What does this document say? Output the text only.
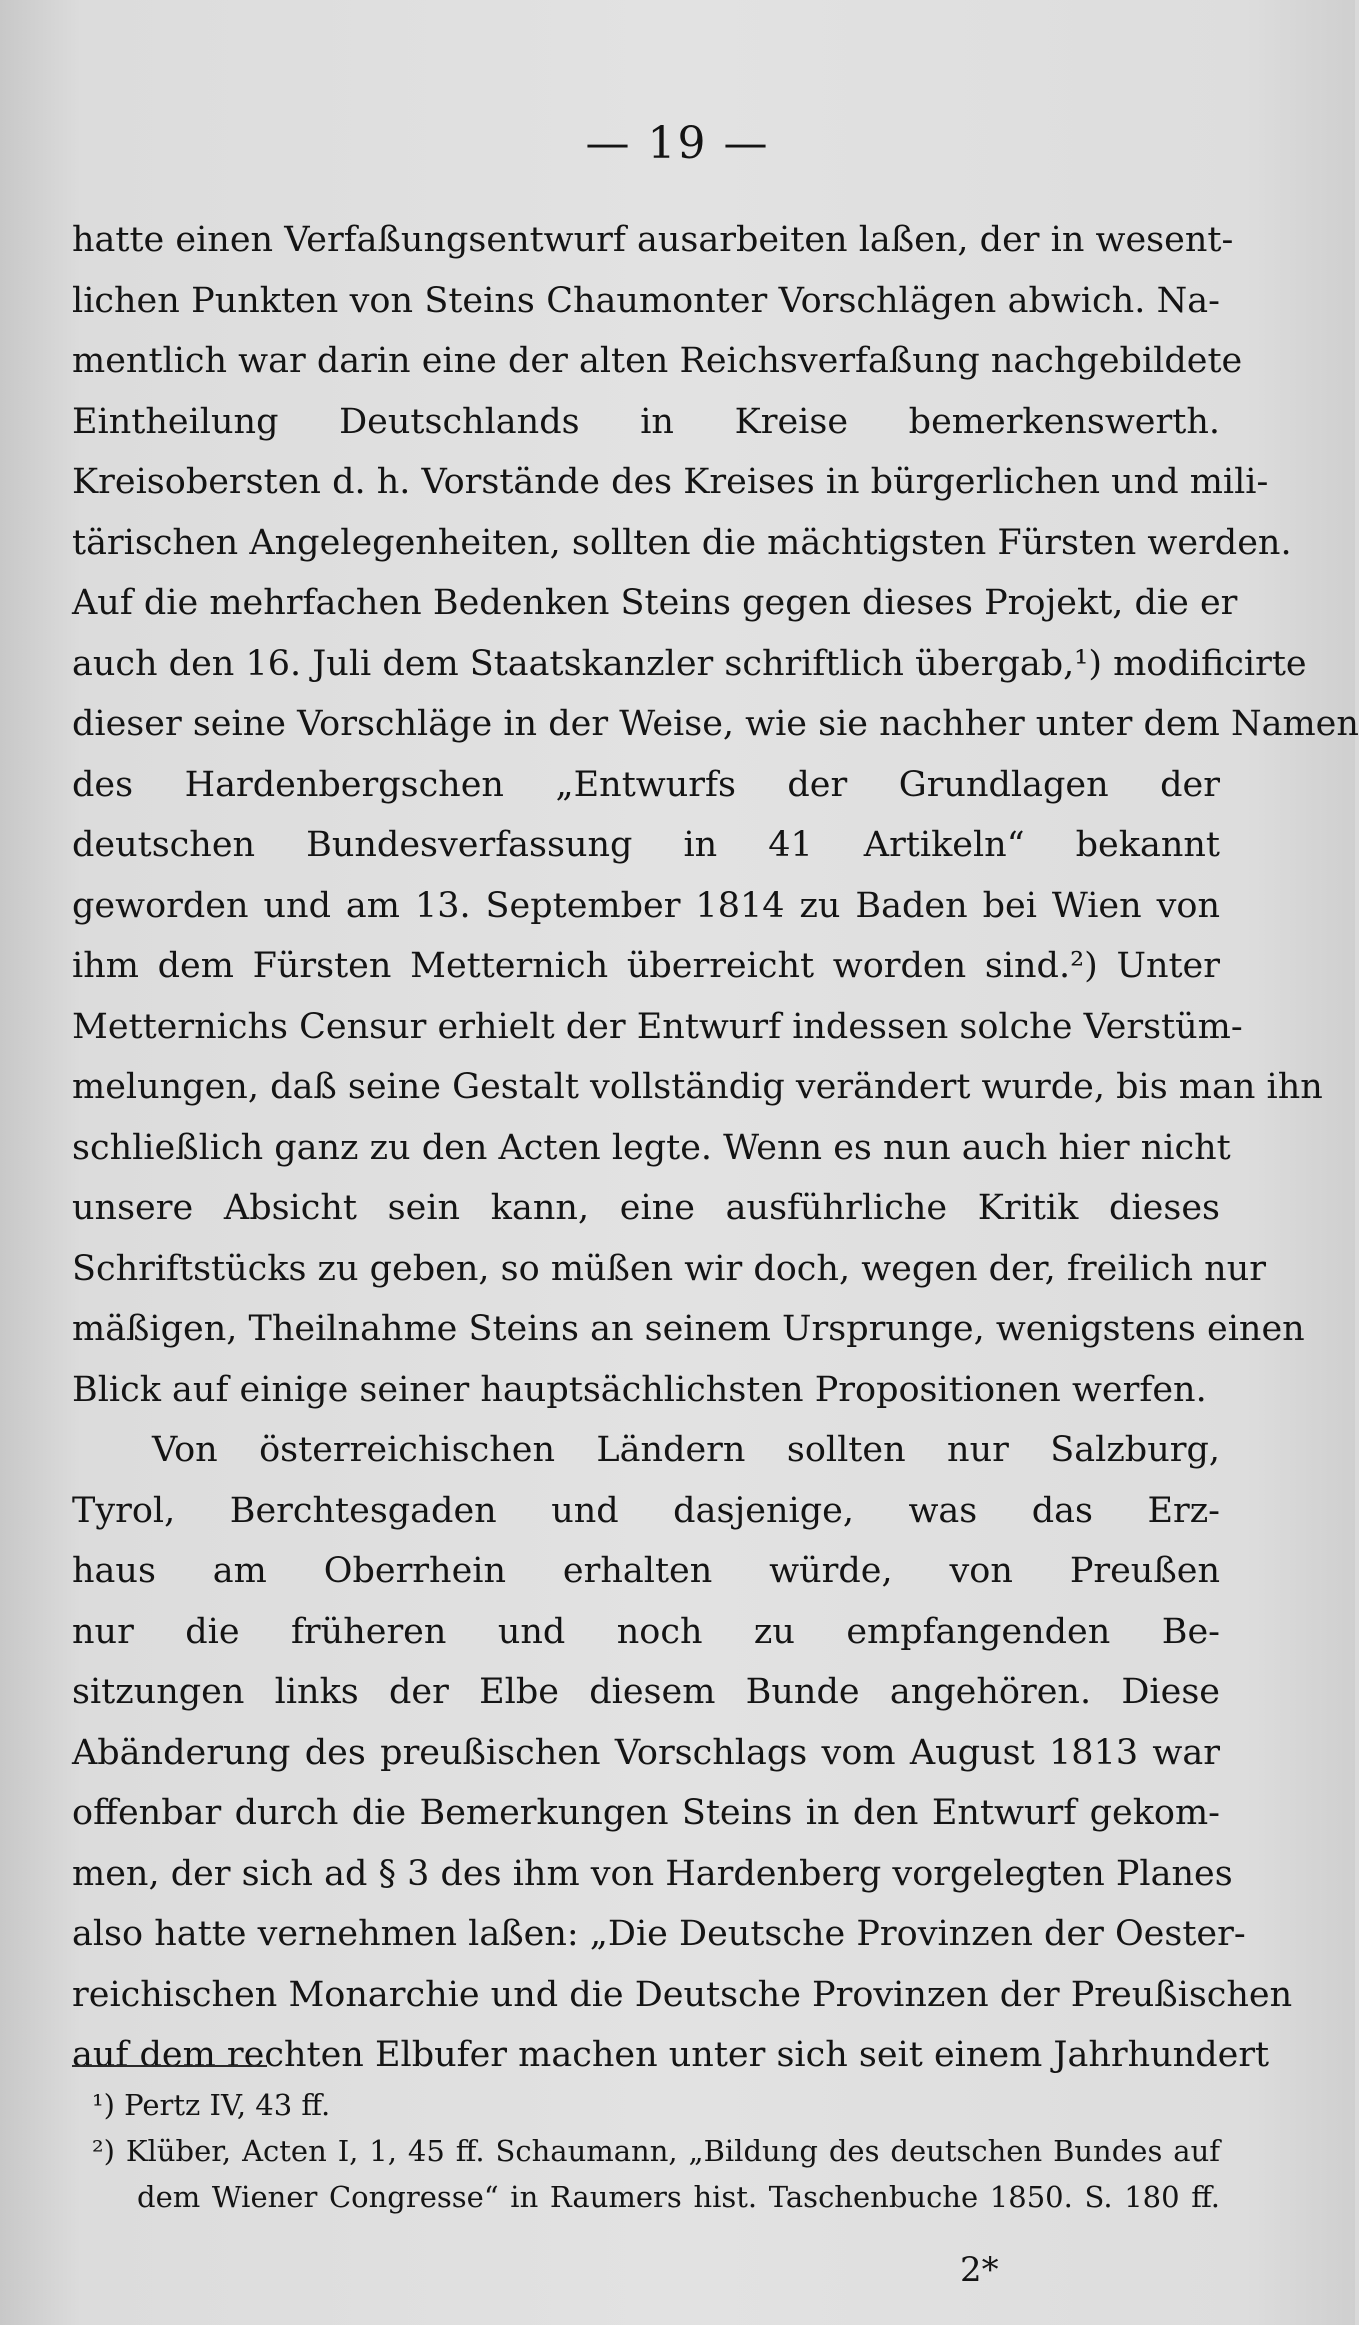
— 19 —
hatte einen Verfaßungsentwurf ausarbeiten laßen, der in wesent-
lichen Punkten von Steins Chaumonter Vorschlägen abwich. Na-
mentlich war darin eine der alten Reichsverfaßung nachgebildete
Eintheilung Deutschlands in Kreise bemerkenswerth.
Kreisobersten d. h. Vorstände des Kreises in bürgerlichen und mili-
tärischen Angelegenheiten, sollten die mächtigsten Fürsten werden.
Auf die mehrfachen Bedenken Steins gegen dieses Projekt, die er
auch den 16. Juli dem Staatskanzler schriftlich übergab,¹) modificirte
dieser seine Vorschläge in der Weise, wie sie nachher unter dem Namen
des Hardenbergschen „Entwurfs der Grundlagen der
deutschen Bundesverfassung in 41 Artikeln“ bekannt
geworden und am 13. September 1814 zu Baden bei Wien von
ihm dem Fürsten Metternich überreicht worden sind.²) Unter
Metternichs Censur erhielt der Entwurf indessen solche Verstüm-
melungen, daß seine Gestalt vollständig verändert wurde, bis man ihn
schließlich ganz zu den Acten legte. Wenn es nun auch hier nicht
unsere Absicht sein kann, eine ausführliche Kritik dieses
Schriftstücks zu geben, so müßen wir doch, wegen der, freilich nur
mäßigen, Theilnahme Steins an seinem Ursprunge, wenigstens einen
Blick auf einige seiner hauptsächlichsten Propositionen werfen.
Von österreichischen Ländern sollten nur Salzburg,
Tyrol, Berchtesgaden und dasjenige, was das Erz-
haus am Oberrhein erhalten würde, von Preußen
nur die früheren und noch zu empfangenden Be-
sitzungen links der Elbe diesem Bunde angehören. Diese
Abänderung des preußischen Vorschlags vom August 1813 war
offenbar durch die Bemerkungen Steins in den Entwurf gekom-
men, der sich ad § 3 des ihm von Hardenberg vorgelegten Planes
also hatte vernehmen laßen: „Die Deutsche Provinzen der Oester-
reichischen Monarchie und die Deutsche Provinzen der Preußischen
auf dem rechten Elbufer machen unter sich seit einem Jahrhundert
¹) Pertz IV, 43 ff.
²) Klüber, Acten I, 1, 45 ff. Schaumann, „Bildung des deutschen Bundes auf
dem Wiener Congresse“ in Raumers hist. Taschenbuche 1850. S. 180 ff.
2*
